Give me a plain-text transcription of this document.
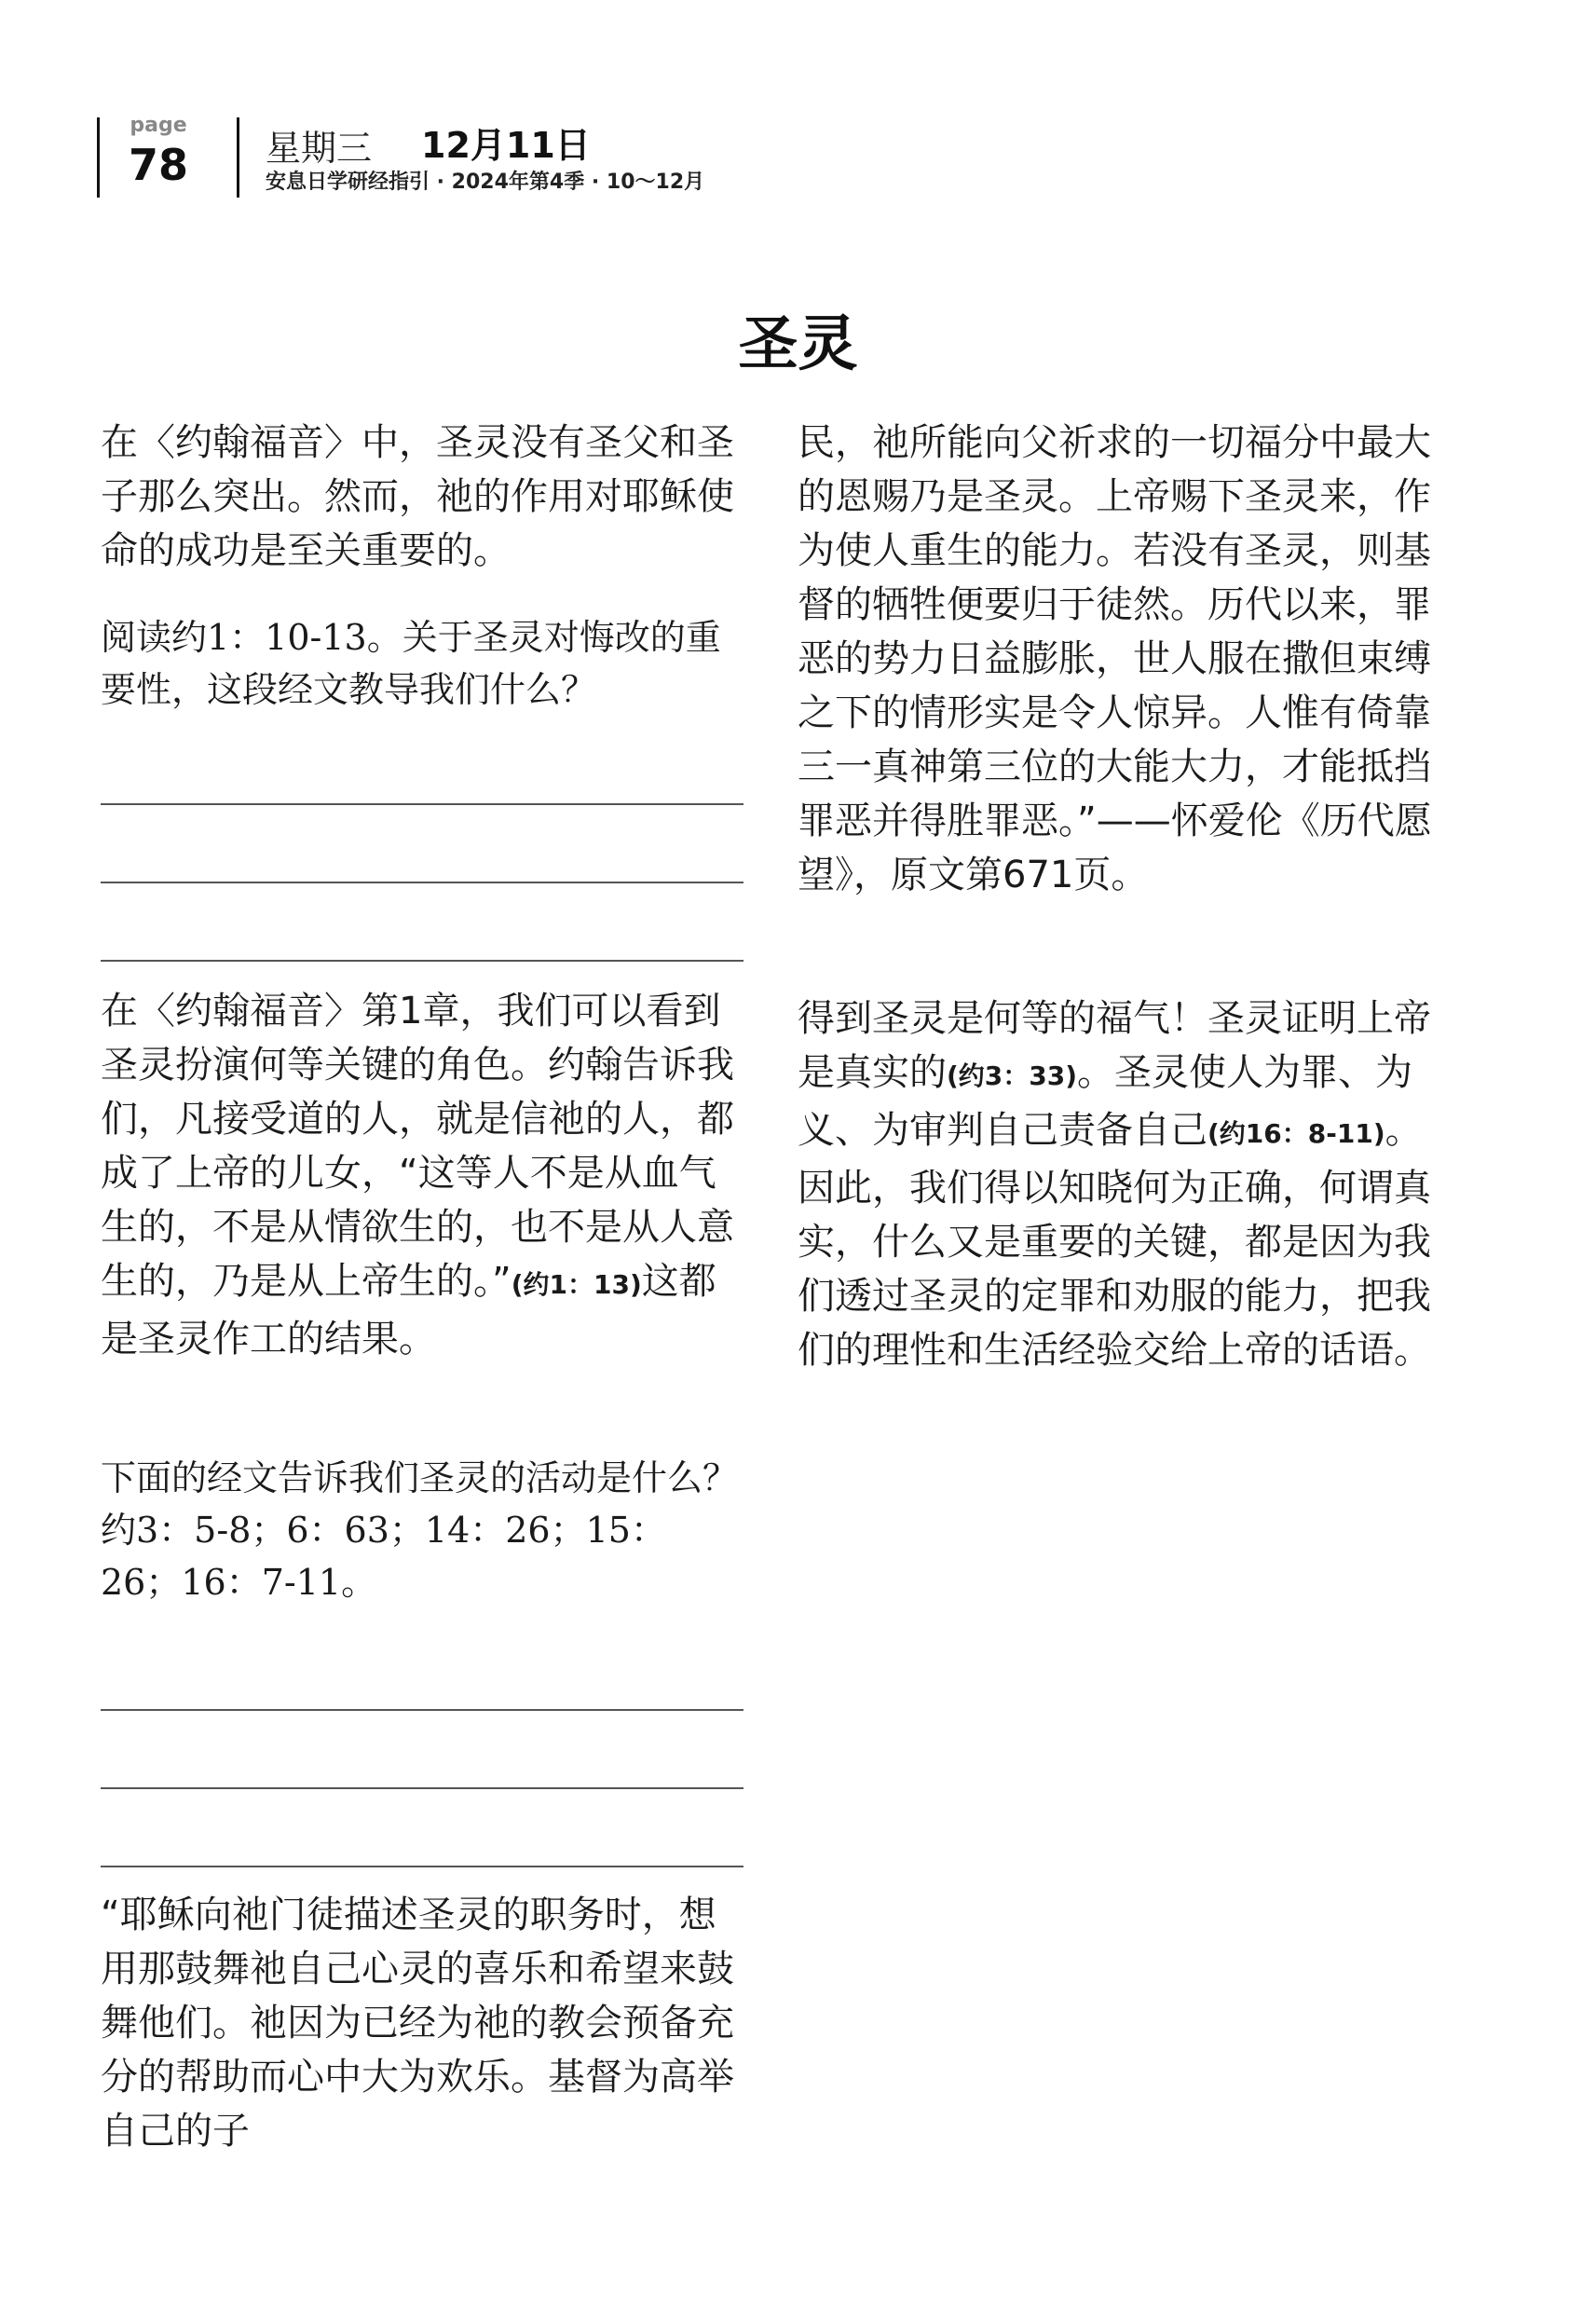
page
78 星期三 12月11日
安息日学研经指引 · 2024年第4季 · 10～12月
圣灵

在〈约翰福音〉中，圣灵没有圣父和圣子那么突出。然而，祂的作用对耶稣使命的成功是至关重要的。

阅读约1：10-13。关于圣灵对悔改的重要性，这段经文教导我们什么？

在〈约翰福音〉第1章，我们可以看到圣灵扮演何等关键的角色。约翰告诉我们，凡接受道的人，就是信祂的人，都成了上帝的儿女，“这等人不是从血气生的，不是从情欲生的，也不是从人意生的，乃是从上帝生的。”(约1：13)这都是圣灵作工的结果。

下面的经文告诉我们圣灵的活动是什么？约3：5-8；6：63；14：26；15：26；16：7-11。

“耶稣向祂门徒描述圣灵的职务时，想用那鼓舞祂自己心灵的喜乐和希望来鼓舞他们。祂因为已经为祂的教会预备充分的帮助而心中大为欢乐。基督为高举自己的子

民，祂所能向父祈求的一切福分中最大的恩赐乃是圣灵。上帝赐下圣灵来，作为使人重生的能力。若没有圣灵，则基督的牺牲便要归于徒然。历代以来，罪恶的势力日益膨胀，世人服在撒但束缚之下的情形实是令人惊异。人惟有倚靠三一真神第三位的大能大力，才能抵挡罪恶并得胜罪恶。”——怀爱伦《历代愿望》，原文第671页。

得到圣灵是何等的福气！圣灵证明上帝是真实的(约3：33)。圣灵使人为罪、为义、为审判自己责备自己(约16：8-11)。因此，我们得以知晓何为正确，何谓真实，什么又是重要的关键，都是因为我们透过圣灵的定罪和劝服的能力，把我们的理性和生活经验交给上帝的话语。
